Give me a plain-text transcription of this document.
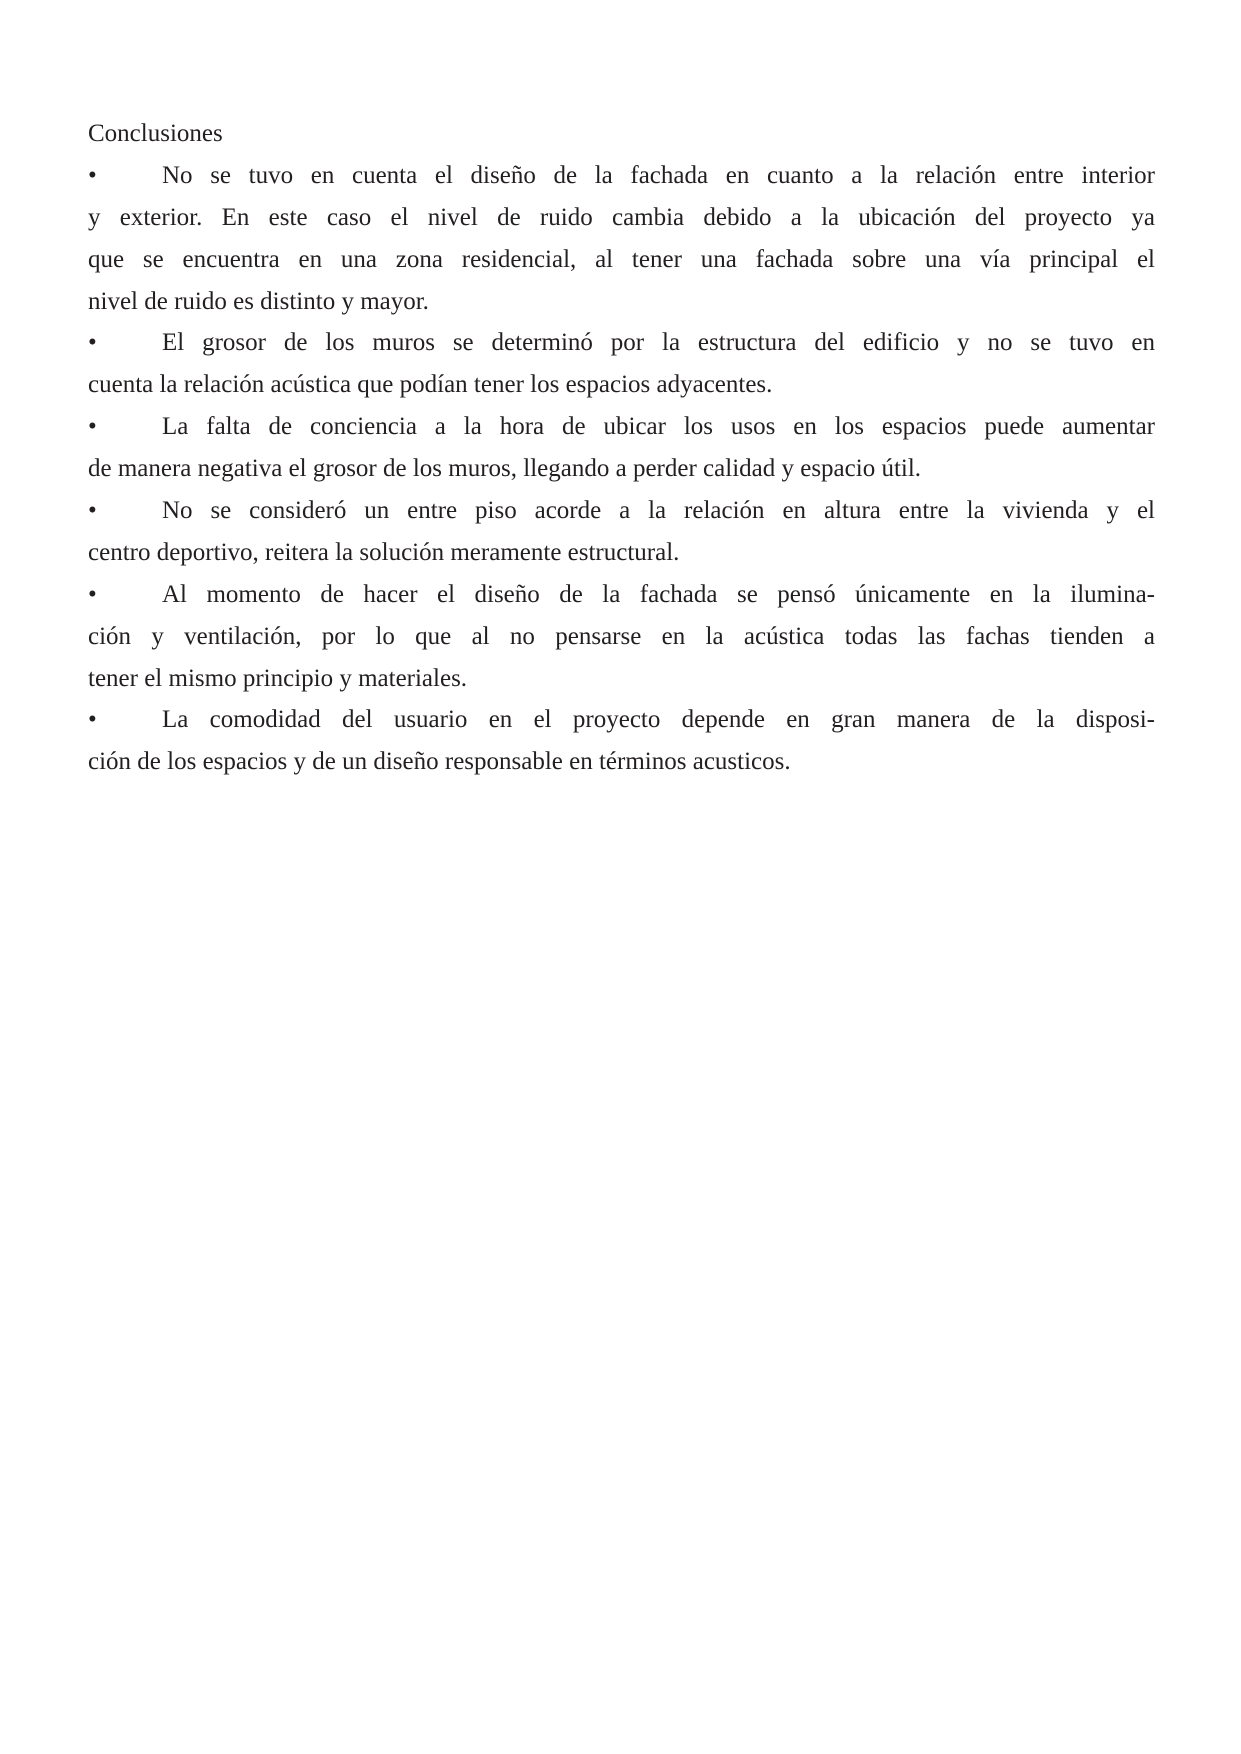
Conclusiones
•	No se tuvo en cuenta el diseño de la fachada en cuanto a la relación entre interior
y exterior. En este caso el nivel de ruido cambia debido a la ubicación del proyecto ya
que se encuentra en una zona residencial, al tener una fachada sobre una vía principal el
nivel de ruido es distinto y mayor.
•	El grosor de los muros se determinó por la estructura del edificio y no se tuvo en
cuenta la relación acústica que podían tener los espacios adyacentes.
•	La falta de conciencia a la hora de ubicar los usos en los espacios puede aumentar
de manera negativa el grosor de los muros, llegando a perder calidad y espacio útil.
•	No se consideró un entre piso acorde a la relación en altura entre la vivienda y el
centro deportivo, reitera la solución meramente estructural.
•	Al momento de hacer el diseño de la fachada se pensó únicamente en la ilumina-
ción y ventilación, por lo que al no pensarse en la acústica todas las fachas tienden a
tener el mismo principio y materiales.
•	La comodidad del usuario en el proyecto depende en gran manera de la disposi-
ción de los espacios y de un diseño responsable en términos acusticos.
